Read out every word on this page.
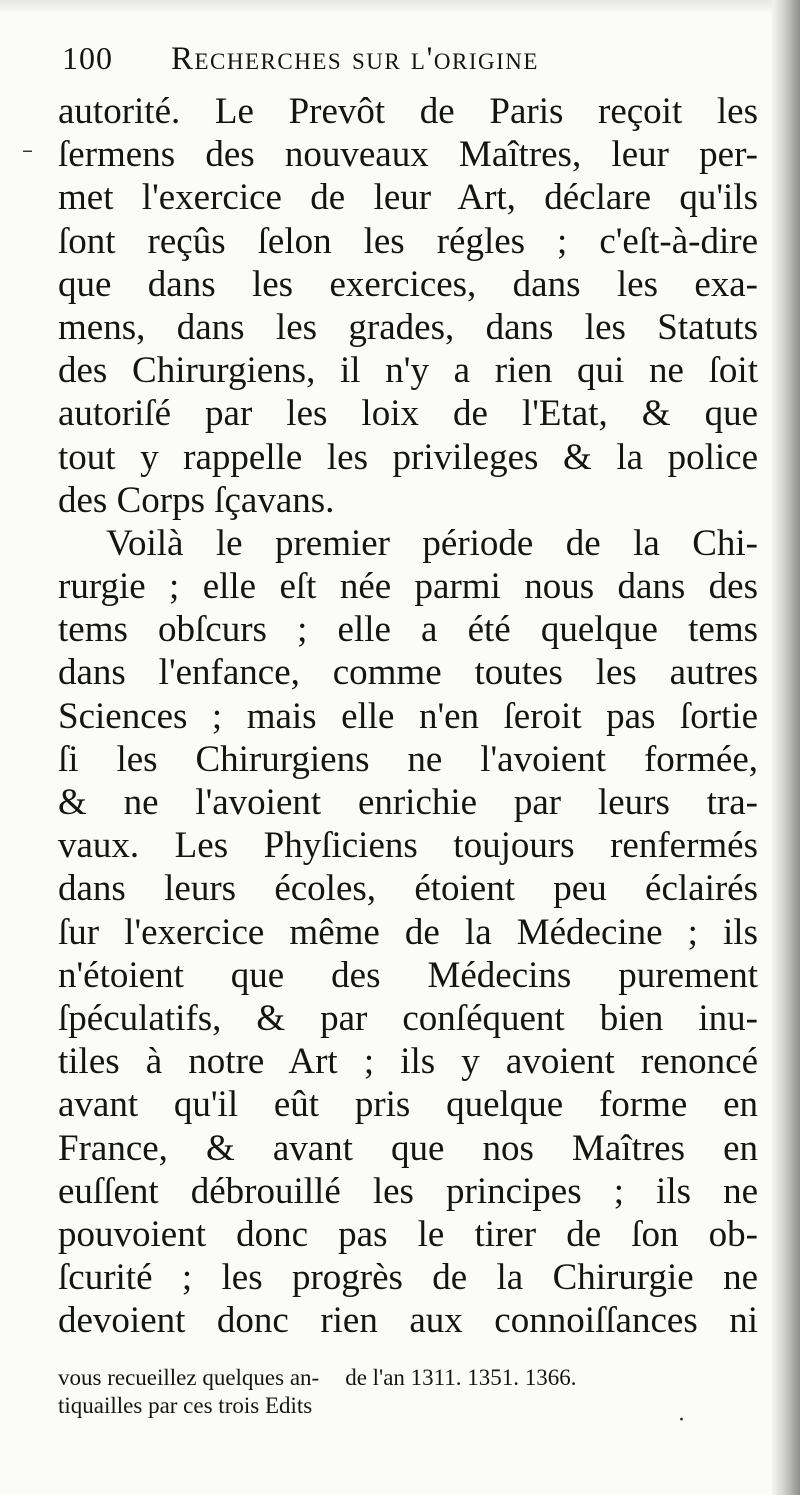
100 Recherches sur l'origine
autorité. Le Prevôt de Paris reçoit les
ſermens des nouveaux Maîtres, leur per-
met l'exercice de leur Art, déclare qu'ils
ſont reçûs ſelon les régles ; c'eſt-à-dire
que dans les exercices, dans les exa-
mens, dans les grades, dans les Statuts
des Chirurgiens, il n'y a rien qui ne ſoit
autoriſé par les loix de l'Etat, & que
tout y rappelle les privileges & la police
des Corps ſçavans.
Voilà le premier période de la Chi-
rurgie ; elle eſt née parmi nous dans des
tems obſcurs ; elle a été quelque tems
dans l'enfance, comme toutes les autres
Sciences ; mais elle n'en ſeroit pas ſortie
ſi les Chirurgiens ne l'avoient formée,
& ne l'avoient enrichie par leurs tra-
vaux. Les Phyſiciens toujours renfermés
dans leurs écoles, étoient peu éclairés
ſur l'exercice même de la Médecine ; ils
n'étoient que des Médecins purement
ſpéculatifs, & par conſéquent bien inu-
tiles à notre Art ; ils y avoient renoncé
avant qu'il eût pris quelque forme en
France, & avant que nos Maîtres en
euſſent débrouillé les principes ; ils ne
pouvoient donc pas le tirer de ſon ob-
ſcurité ; les progrès de la Chirurgie ne
devoient donc rien aux connoiſſances ni
vous recueillez quelques an-
tiquailles par ces trois Edits
de l'an 1311. 1351. 1366.
–
·
